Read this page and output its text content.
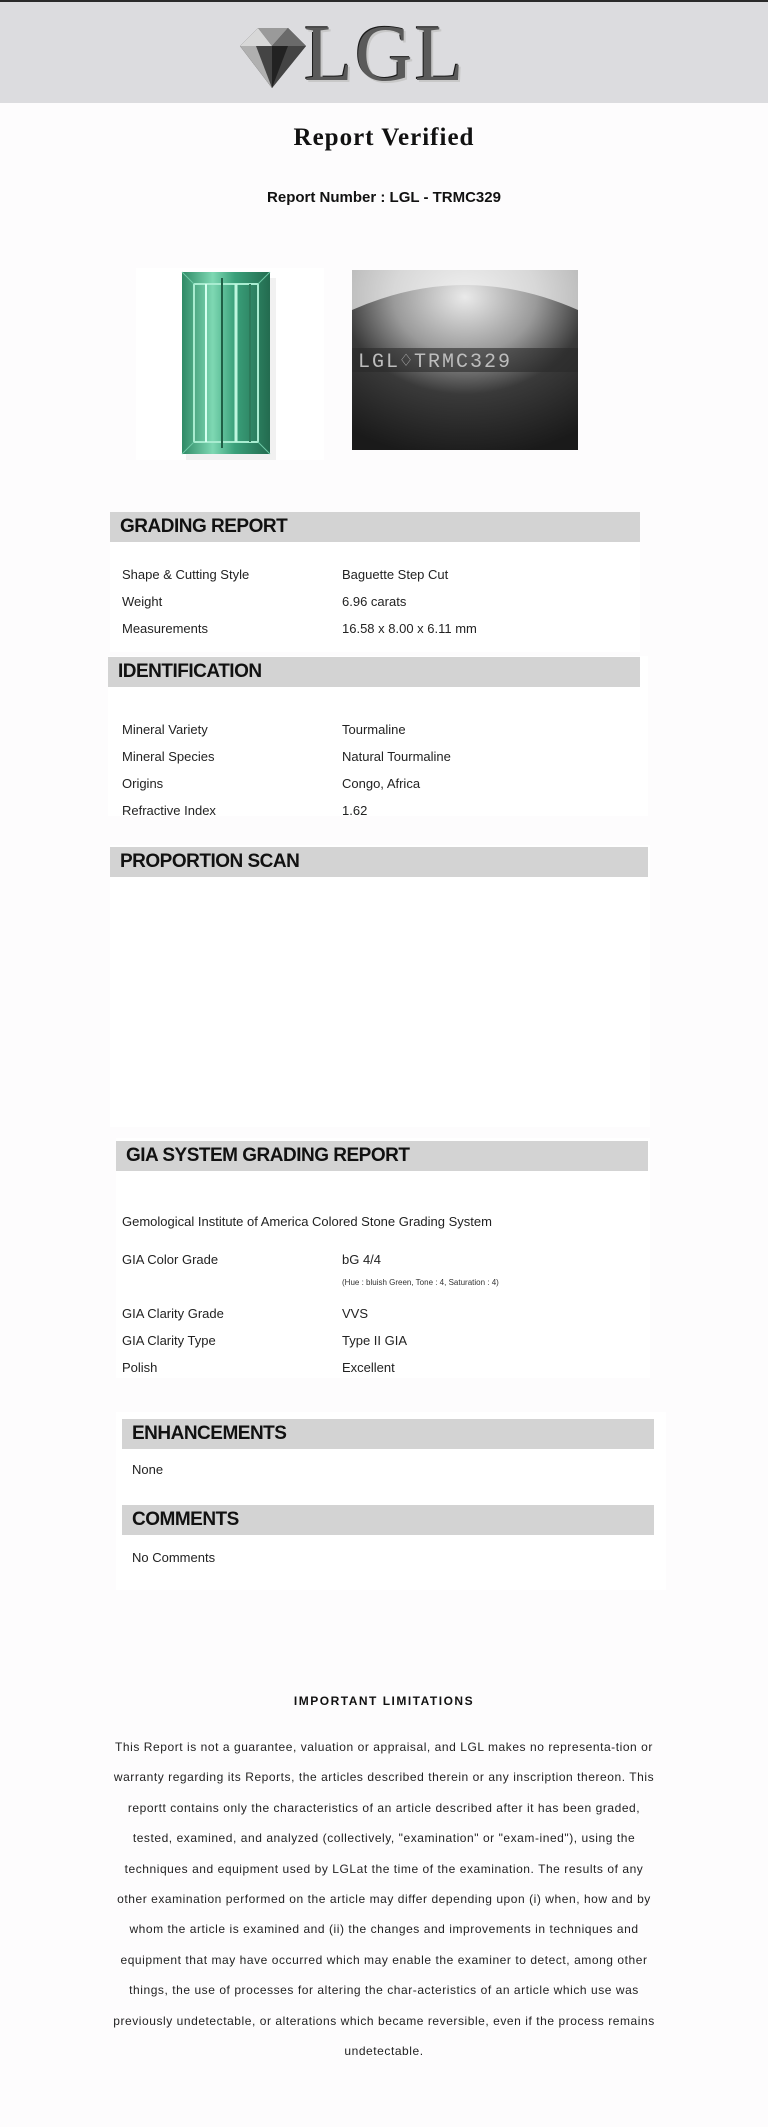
LGL
Report Verified
Report Number : LGL - TRMC329
LGL♢TRMC329
GRADING REPORT
Shape & Cutting Style	Baguette Step Cut
Weight	6.96 carats
Measurements	16.58 x 8.00 x 6.11 mm
IDENTIFICATION
Mineral Variety	Tourmaline
Mineral Species	Natural Tourmaline
Origins	Congo, Africa
Refractive Index	1.62
PROPORTION SCAN
GIA SYSTEM GRADING REPORT
Gemological Institute of America Colored Stone Grading System
GIA Color Grade	bG 4/4
(Hue : bluish Green, Tone : 4, Saturation : 4)
GIA Clarity Grade	VVS
GIA Clarity Type	Type II GIA
Polish	Excellent
ENHANCEMENTS
None
COMMENTS
No Comments
IMPORTANT LIMITATIONS
This Report is not a guarantee, valuation or appraisal, and LGL makes no representa-tion or warranty regarding its Reports, the articles described therein or any inscription thereon. This reportt contains only the characteristics of an article described after it has been graded, tested, examined, and analyzed (collectively, "examination" or "exam-ined"), using the techniques and equipment used by LGLat the time of the examination. The results of any other examination performed on the article may differ depending upon (i) when, how and by whom the article is examined and (ii) the changes and improvements in techniques and equipment that may have occurred which may enable the examiner to detect, among other things, the use of processes for altering the char-acteristics of an article which use was previously undetectable, or alterations which became reversible, even if the process remains undetectable.
